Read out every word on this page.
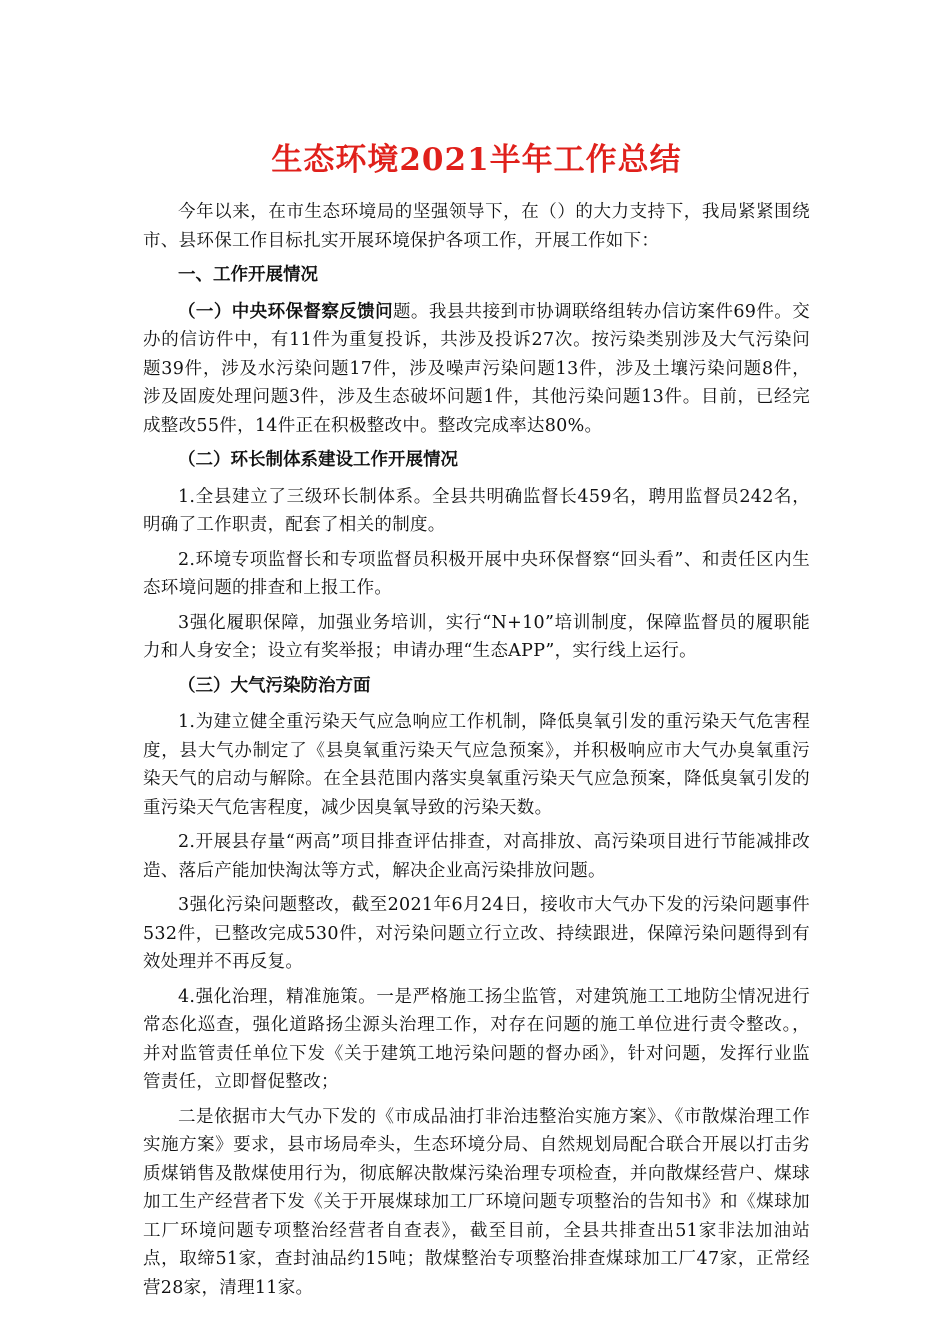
生态环境2021半年工作总结

今年以来，在市生态环境局的坚强领导下，在（）的大力支持下，我局紧紧围绕市、县环保工作目标扎实开展环境保护各项工作，开展工作如下：

一、工作开展情况

（一）中央环保督察反馈问题。我县共接到市协调联络组转办信访案件69件。交办的信访件中，有11件为重复投诉，共涉及投诉27次。按污染类别涉及大气污染问题39件，涉及水污染问题17件，涉及噪声污染问题13件，涉及土壤污染问题8件，涉及固废处理问题3件，涉及生态破坏问题1件，其他污染问题13件。目前，已经完成整改55件，14件正在积极整改中。整改完成率达80%。

（二）环长制体系建设工作开展情况

1.全县建立了三级环长制体系。全县共明确监督长459名，聘用监督员242名，明确了工作职责，配套了相关的制度。

2.环境专项监督长和专项监督员积极开展中央环保督察“回头看”、和责任区内生态环境问题的排查和上报工作。

3强化履职保障，加强业务培训，实行“N+10”培训制度，保障监督员的履职能力和人身安全；设立有奖举报；申请办理“生态APP”，实行线上运行。

（三）大气污染防治方面

1.为建立健全重污染天气应急响应工作机制，降低臭氧引发的重污染天气危害程度，县大气办制定了《县臭氧重污染天气应急预案》，并积极响应市大气办臭氧重污染天气的启动与解除。在全县范围内落实臭氧重污染天气应急预案，降低臭氧引发的重污染天气危害程度，减少因臭氧导致的污染天数。

2.开展县存量“两高”项目排查评估排查，对高排放、高污染项目进行节能减排改造、落后产能加快淘汰等方式，解决企业高污染排放问题。

3强化污染问题整改，截至2021年6月24日，接收市大气办下发的污染问题事件532件，已整改完成530件，对污染问题立行立改、持续跟进，保障污染问题得到有效处理并不再反复。

4.强化治理，精准施策。一是严格施工扬尘监管，对建筑施工工地防尘情况进行常态化巡查，强化道路扬尘源头治理工作，对存在问题的施工单位进行责令整改。，并对监管责任单位下发《关于建筑工地污染问题的督办函》，针对问题，发挥行业监管责任，立即督促整改；

二是依据市大气办下发的《市成品油打非治违整治实施方案》、《市散煤治理工作实施方案》要求，县市场局牵头，生态环境分局、自然规划局配合联合开展以打击劣质煤销售及散煤使用行为，彻底解决散煤污染治理专项检查，并向散煤经营户、煤球加工生产经营者下发《关于开展煤球加工厂环境问题专项整治的告知书》和《煤球加工厂环境问题专项整治经营者自查表》，截至目前，全县共排查出51家非法加油站点，取缔51家，查封油品约15吨；散煤整治专项整治排查煤球加工厂47家，正常经营28家，清理11家。
